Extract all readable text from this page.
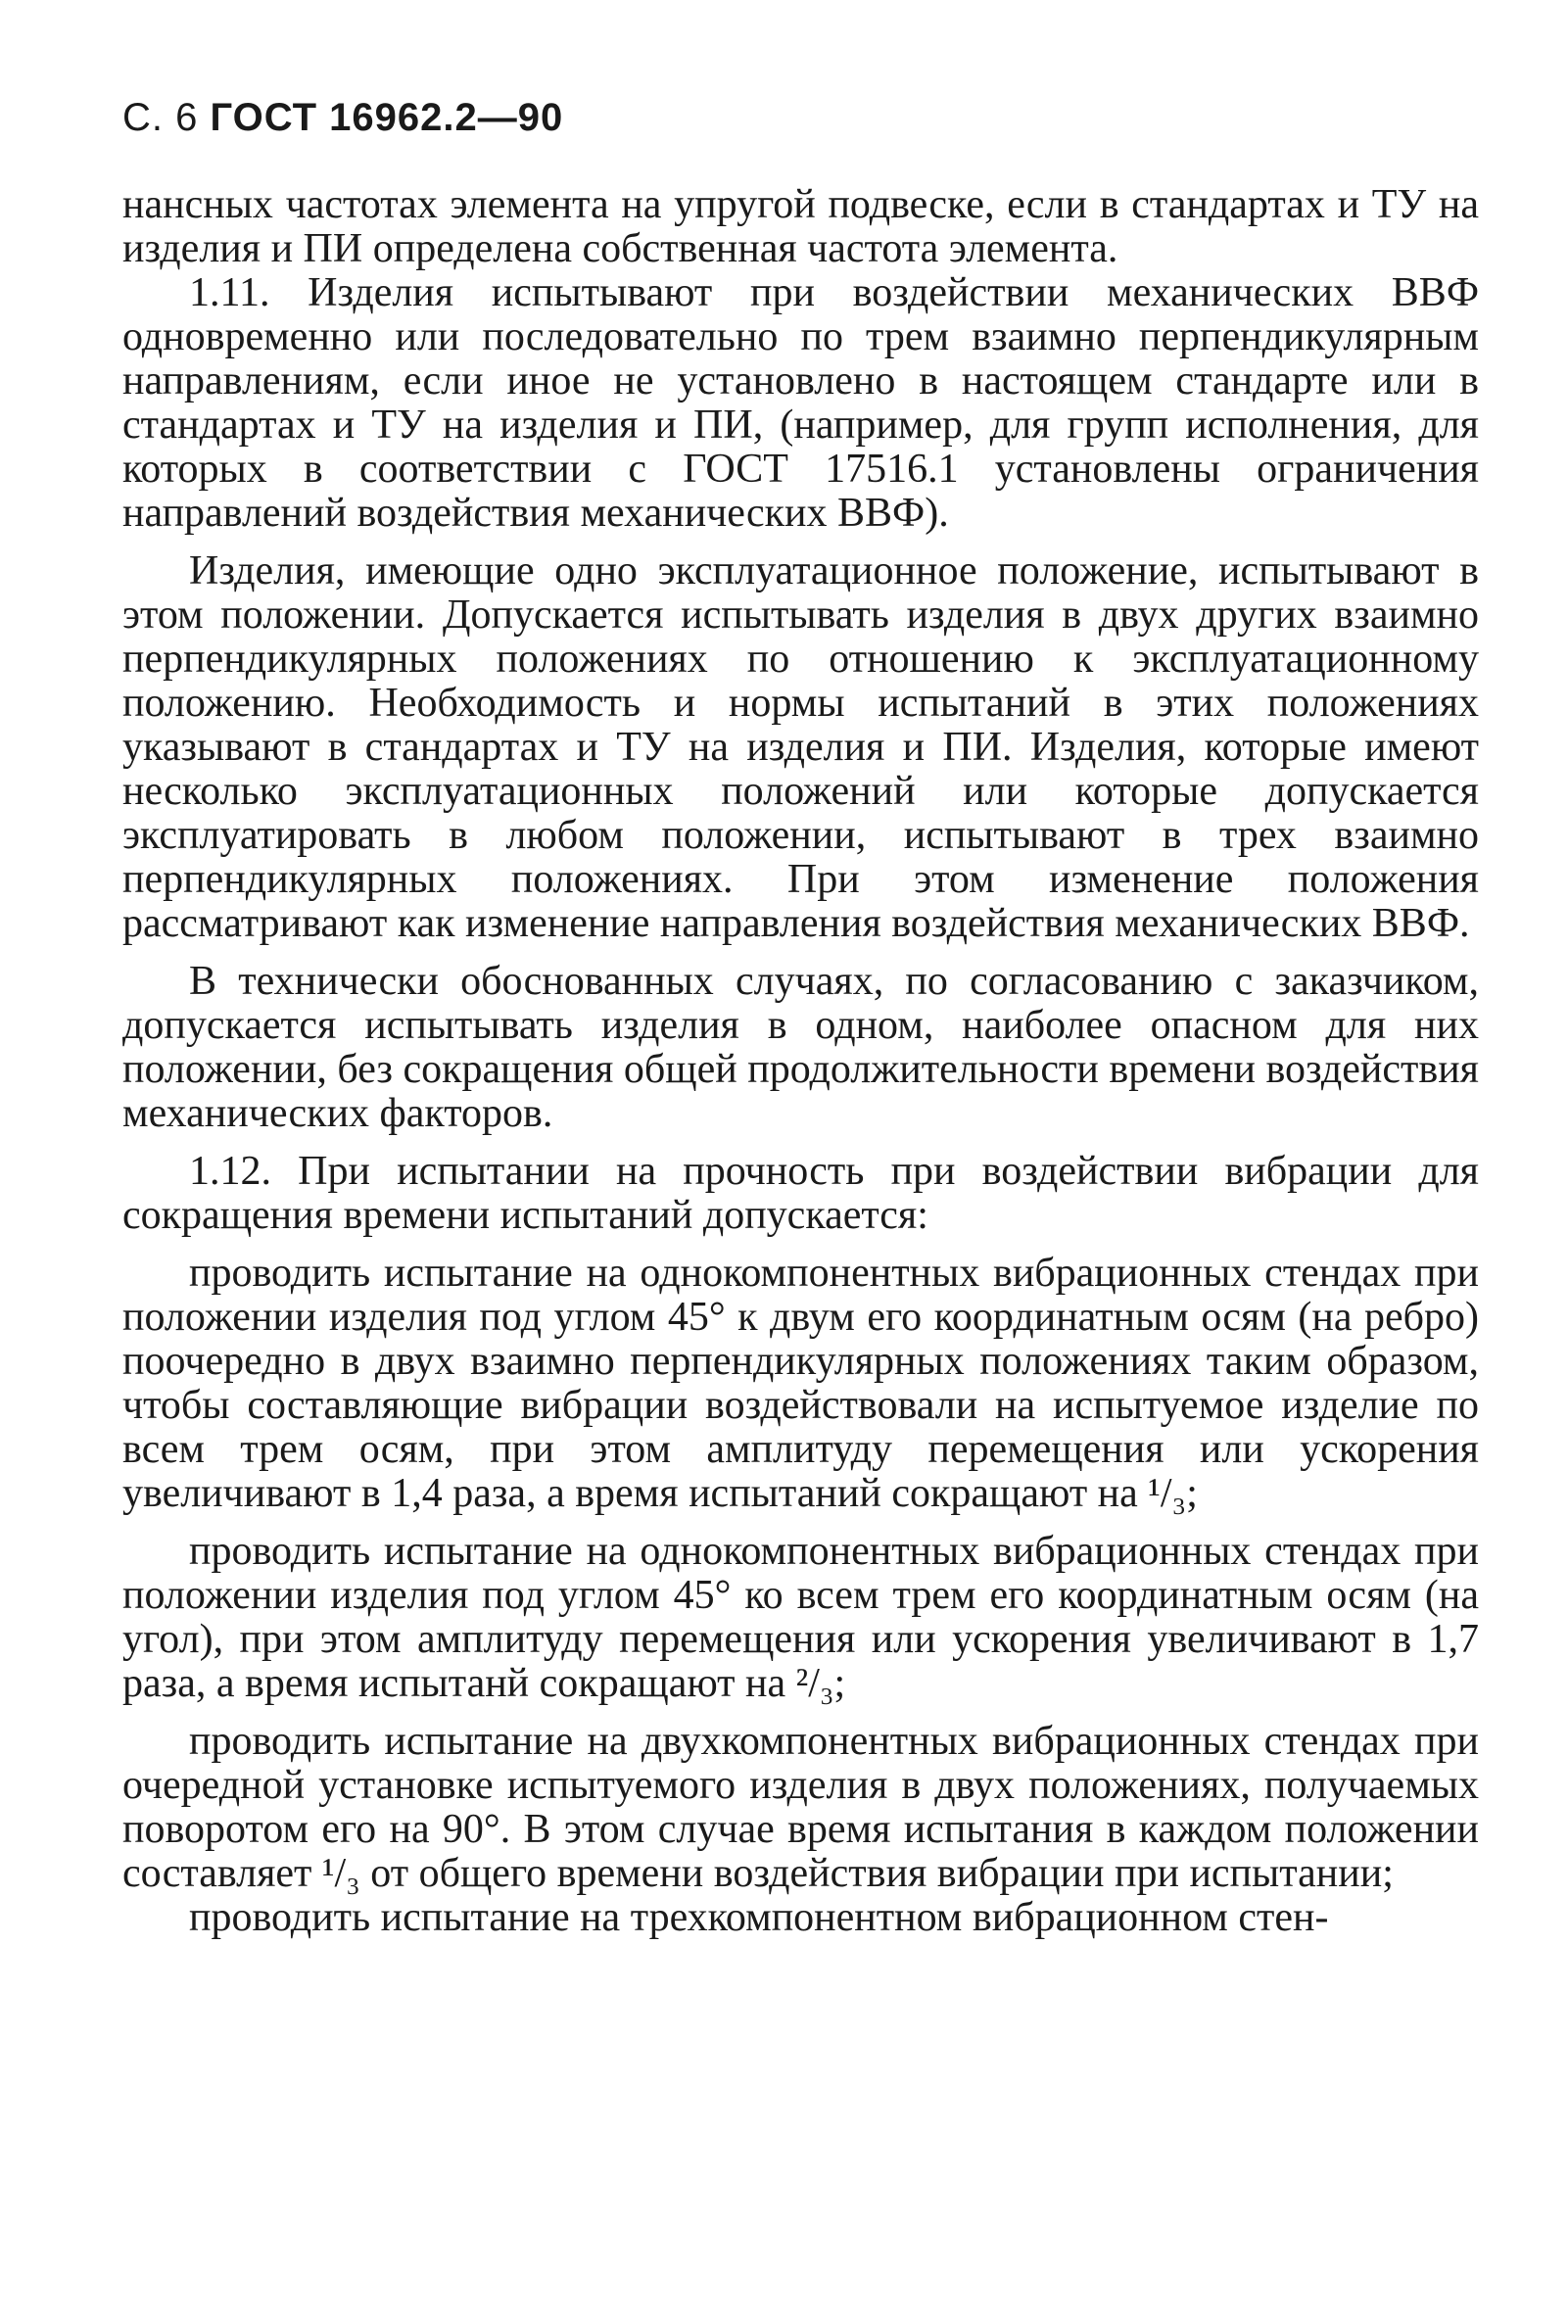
С. 6 ГОСТ 16962.2—90

нансных частотах элемента на упругой подвеске, если в стандартах и ТУ на изделия и ПИ определена собственная частота элемента.

1.11. Изделия испытывают при воздействии механических ВВФ одновременно или последовательно по трем взаимно перпендикулярным направлениям, если иное не установлено в настоящем стандарте или в стандартах и ТУ на изделия и ПИ, (например, для групп исполнения, для которых в соответствии с ГОСТ 17516.1 установлены ограничения направлений воздействия механических ВВФ).

Изделия, имеющие одно эксплуатационное положение, испытывают в этом положении. Допускается испытывать изделия в двух других взаимно перпендикулярных положениях по отношению к эксплуатационному положению. Необходимость и нормы испытаний в этих положениях указывают в стандартах и ТУ на изделия и ПИ. Изделия, которые имеют несколько эксплуатационных положений или которые допускается эксплуатировать в любом положении, испытывают в трех взаимно перпендикулярных положениях. При этом изменение положения рассматривают как изменение направления воздействия механических ВВФ.

В технически обоснованных случаях, по согласованию с заказчиком, допускается испытывать изделия в одном, наиболее опасном для них положении, без сокращения общей продолжительности времени воздействия механических факторов.

1.12. При испытании на прочность при воздействии вибрации для сокращения времени испытаний допускается:

проводить испытание на однокомпонентных вибрационных стендах при положении изделия под углом 45° к двум его координатным осям (на ребро) поочередно в двух взаимно перпендикулярных положениях таким образом, чтобы составляющие вибрации воздействовали на испытуемое изделие по всем трем осям, при этом амплитуду перемещения или ускорения увеличивают в 1,4 раза, а время испытаний сокращают на ¹/₃;

проводить испытание на однокомпонентных вибрационных стендах при положении изделия под углом 45° ко всем трем его координатным осям (на угол), при этом амплитуду перемещения или ускорения увеличивают в 1,7 раза, а время иcпытанй сокращают на ²/₃;

проводить испытание на двухкомпонентных вибрационных стендах при очередной установке испытуемого изделия в двух положениях, получаемых поворотом его на 90°. В этом случае время испытания в каждом положении составляет ¹/₃ от общего времени воздействия вибрации при испытании;

проводить испытание на трехкомпонентном вибрационном стен-
